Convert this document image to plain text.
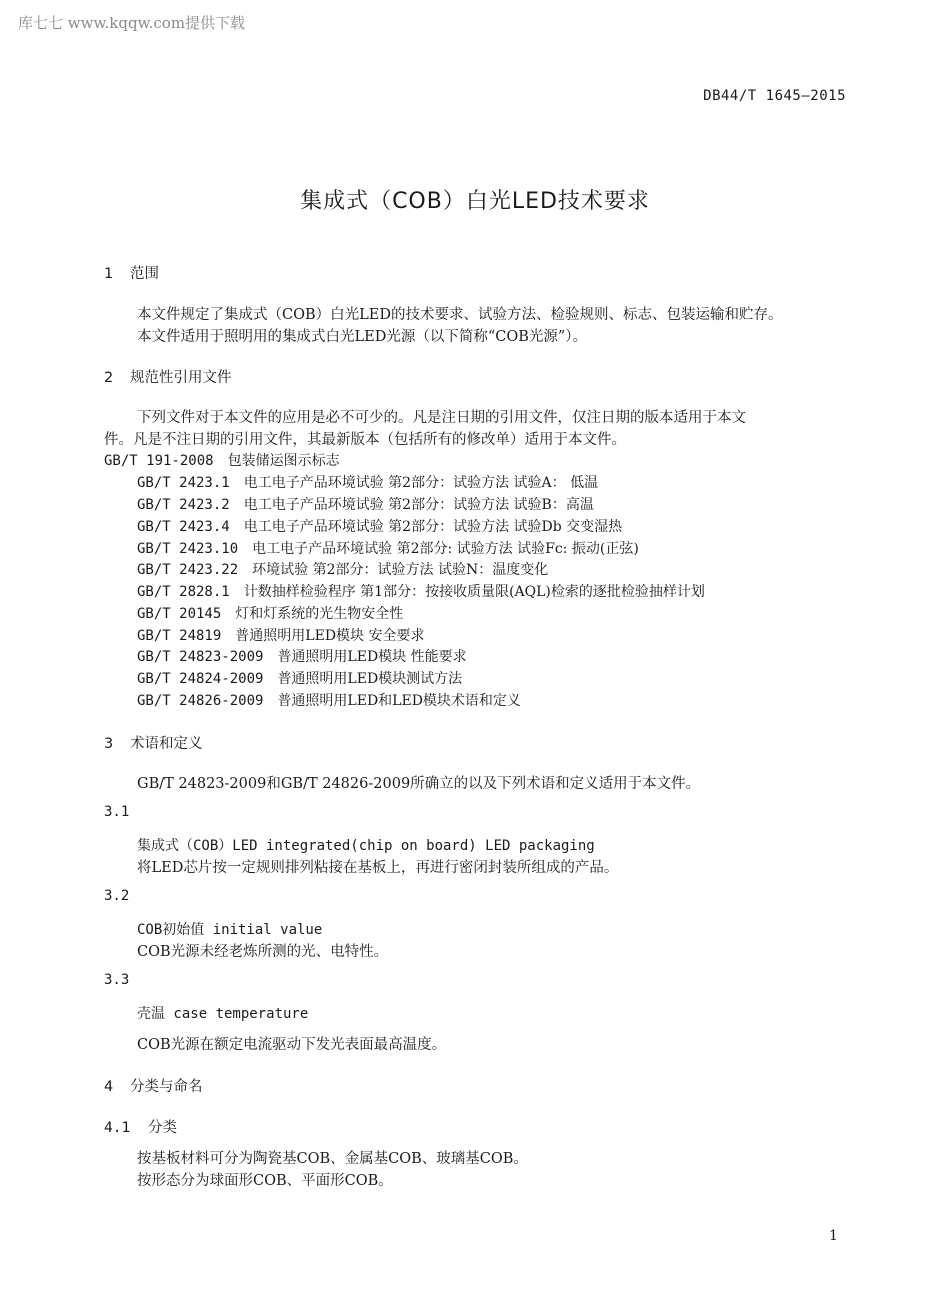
库七七 www.kqqw.com提供下载
DB44/T 1645—2015
集成式（COB）白光LED技术要求
1 范围
本文件规定了集成式（COB）白光LED的技术要求、试验方法、检验规则、标志、包装运输和贮存。
本文件适用于照明用的集成式白光LED光源（以下简称“COB光源”）。
2 规范性引用文件
下列文件对于本文件的应用是必不可少的。凡是注日期的引用文件，仅注日期的版本适用于本文
件。凡是不注日期的引用文件，其最新版本（包括所有的修改单）适用于本文件。
GB/T 191-2008 包装储运图示标志
GB/T 2423.1 电工电子产品环境试验 第2部分：试验方法 试验A： 低温
GB/T 2423.2 电工电子产品环境试验 第2部分：试验方法 试验B：高温
GB/T 2423.4 电工电子产品环境试验 第2部分：试验方法 试验Db 交变湿热
GB/T 2423.10 电工电子产品环境试验 第2部分: 试验方法 试验Fc: 振动(正弦)
GB/T 2423.22 环境试验 第2部分：试验方法 试验N：温度变化
GB/T 2828.1 计数抽样检验程序 第1部分：按接收质量限(AQL)检索的逐批检验抽样计划
GB/T 20145 灯和灯系统的光生物安全性
GB/T 24819 普通照明用LED模块 安全要求
GB/T 24823-2009 普通照明用LED模块 性能要求
GB/T 24824-2009 普通照明用LED模块测试方法
GB/T 24826-2009 普通照明用LED和LED模块术语和定义
3 术语和定义
GB/T 24823-2009和GB/T 24826-2009所确立的以及下列术语和定义适用于本文件。
3.1
集成式（COB）LED integrated(chip on board) LED packaging
将LED芯片按一定规则排列粘接在基板上，再进行密闭封装所组成的产品。
3.2
COB初始值 initial value
COB光源未经老炼所测的光、电特性。
3.3
壳温 case temperature
COB光源在额定电流驱动下发光表面最高温度。
4 分类与命名
4.1 分类
按基板材料可分为陶瓷基COB、金属基COB、玻璃基COB。
按形态分为球面形COB、平面形COB。
1
